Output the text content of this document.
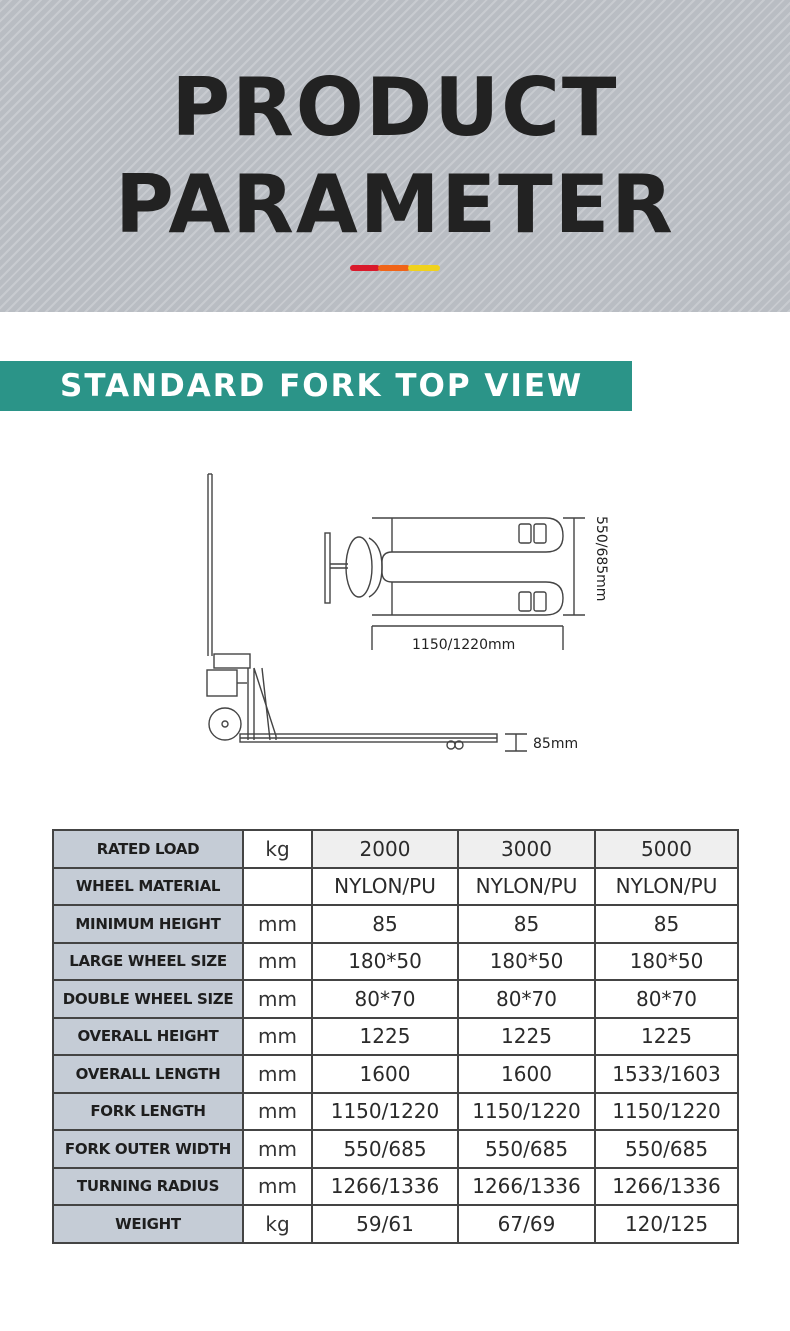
PRODUCT
PARAMETER
STANDARD FORK TOP VIEW
1150/1220mm
85mm
550/685mm
RATED LOAD	kg	2000	3000	5000
WHEEL MATERIAL		NYLON/PU	NYLON/PU	NYLON/PU
MINIMUM HEIGHT	mm	85	85	85
LARGE WHEEL SIZE	mm	180*50	180*50	180*50
DOUBLE WHEEL SIZE	mm	80*70	80*70	80*70
OVERALL HEIGHT	mm	1225	1225	1225
OVERALL LENGTH	mm	1600	1600	1533/1603
FORK LENGTH	mm	1150/1220	1150/1220	1150/1220
FORK OUTER WIDTH	mm	550/685	550/685	550/685
TURNING RADIUS	mm	1266/1336	1266/1336	1266/1336
WEIGHT	kg	59/61	67/69	120/125
